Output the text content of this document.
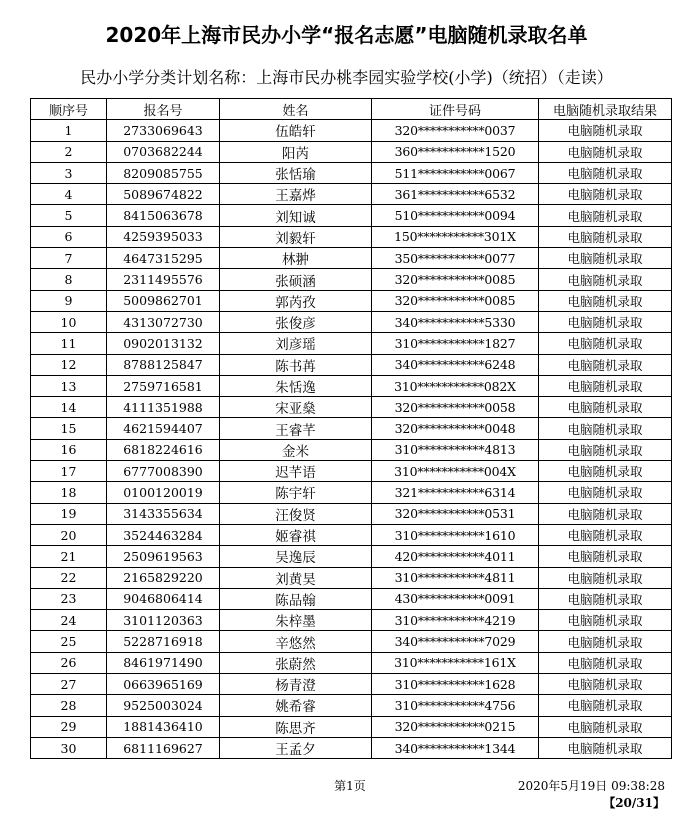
2020年上海市民办小学“报名志愿”电脑随机录取名单
民办小学分类计划名称：上海市民办桃李园实验学校(小学)（统招）（走读）
顺序号	报名号	姓名	证件号码	电脑随机录取结果
1	2733069643	伍皓轩	320***********0037	电脑随机录取
2	0703682244	阳芮	360***********1520	电脑随机录取
3	8209085755	张恬瑜	511***********0067	电脑随机录取
4	5089674822	王嘉烨	361***********6532	电脑随机录取
5	8415063678	刘知诚	510***********0094	电脑随机录取
6	4259395033	刘毅轩	150***********301X	电脑随机录取
7	4647315295	林翀	350***********0077	电脑随机录取
8	2311495576	张硕涵	320***********0085	电脑随机录取
9	5009862701	郭芮孜	320***********0085	电脑随机录取
10	4313072730	张俊彦	340***********5330	电脑随机录取
11	0902013132	刘彦瑶	310***********1827	电脑随机录取
12	8788125847	陈书苒	340***********6248	电脑随机录取
13	2759716581	朱恬逸	310***********082X	电脑随机录取
14	4111351988	宋亚燊	320***********0058	电脑随机录取
15	4621594407	王睿芊	320***********0048	电脑随机录取
16	6818224616	金米	310***********4813	电脑随机录取
17	6777008390	迟芊语	310***********004X	电脑随机录取
18	0100120019	陈宇轩	321***********6314	电脑随机录取
19	3143355634	汪俊贤	320***********0531	电脑随机录取
20	3524463284	姬睿祺	310***********1610	电脑随机录取
21	2509619563	吴逸辰	420***********4011	电脑随机录取
22	2165829220	刘黄昊	310***********4811	电脑随机录取
23	9046806414	陈品翰	430***********0091	电脑随机录取
24	3101120363	朱梓墨	310***********4219	电脑随机录取
25	5228716918	辛悠然	340***********7029	电脑随机录取
26	8461971490	张蔚然	310***********161X	电脑随机录取
27	0663965169	杨青澄	310***********1628	电脑随机录取
28	9525003024	姚希睿	310***********4756	电脑随机录取
29	1881436410	陈思齐	320***********0215	电脑随机录取
30	6811169627	王孟夕	340***********1344	电脑随机录取
第1页	2020年5月19日 09:38:28
【20/31】
